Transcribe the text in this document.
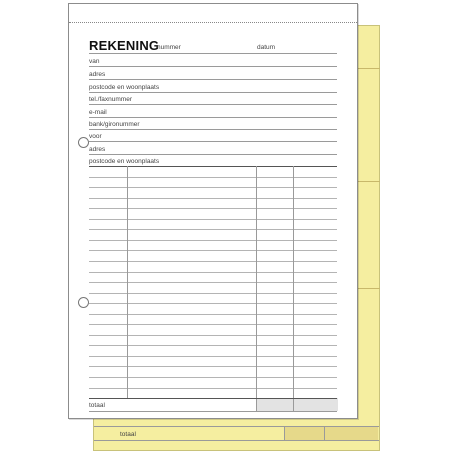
totaal
REKENING
nummer	datum
van
adres
postcode en woonplaats
tel./faxnummer
e-mail
bank/gironummer
voor
adres
postcode en woonplaats
totaal
